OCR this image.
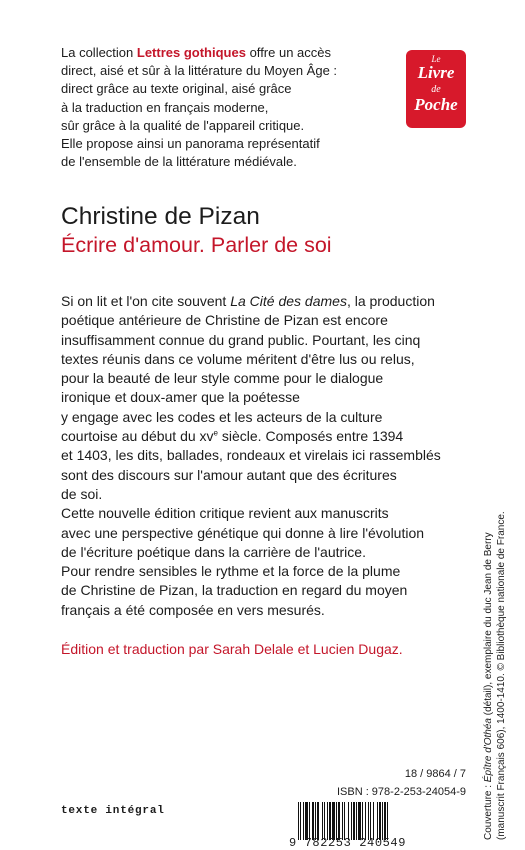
La collection Lettres gothiques offre un accès
direct, aisé et sûr à la littérature du Moyen Âge :
direct grâce au texte original, aisé grâce
à la traduction en français moderne,
sûr grâce à la qualité de l'appareil critique.
Elle propose ainsi un panorama représentatif
de l'ensemble de la littérature médiévale.
Le
Livre
de
Poche
Christine de Pizan
Écrire d'amour. Parler de soi
Si on lit et l'on cite souvent La Cité des dames, la production
poétique antérieure de Christine de Pizan est encore
insuffisamment connue du grand public. Pourtant, les cinq
textes réunis dans ce volume méritent d'être lus ou relus,
pour la beauté de leur style comme pour le dialogue
ironique et doux-amer que la poétesse
y engage avec les codes et les acteurs de la culture
courtoise au début du $xv^e$ siècle. Composés entre 1394
et 1403, les dits, ballades, rondeaux et virelais ici rassemblés
sont des discours sur l'amour autant que des écritures
de soi.
Cette nouvelle édition critique revient aux manuscrits
avec une perspective génétique qui donne à lire l'évolution
de l'écriture poétique dans la carrière de l'autrice.
Pour rendre sensibles le rythme et la force de la plume
de Christine de Pizan, la traduction en regard du moyen
français a été composée en vers mesurés.
Édition et traduction par Sarah Delale et Lucien Dugaz.
18 / 9864 / 7
ISBN : 978-2-253-24054-9
9 782253 240549
texte intégral	Couverture : Épître d'Othéa (détail), exemplaire du duc Jean de Berry (manuscrit Français 606), 1400-1410. © Bibliothèque nationale de France.
